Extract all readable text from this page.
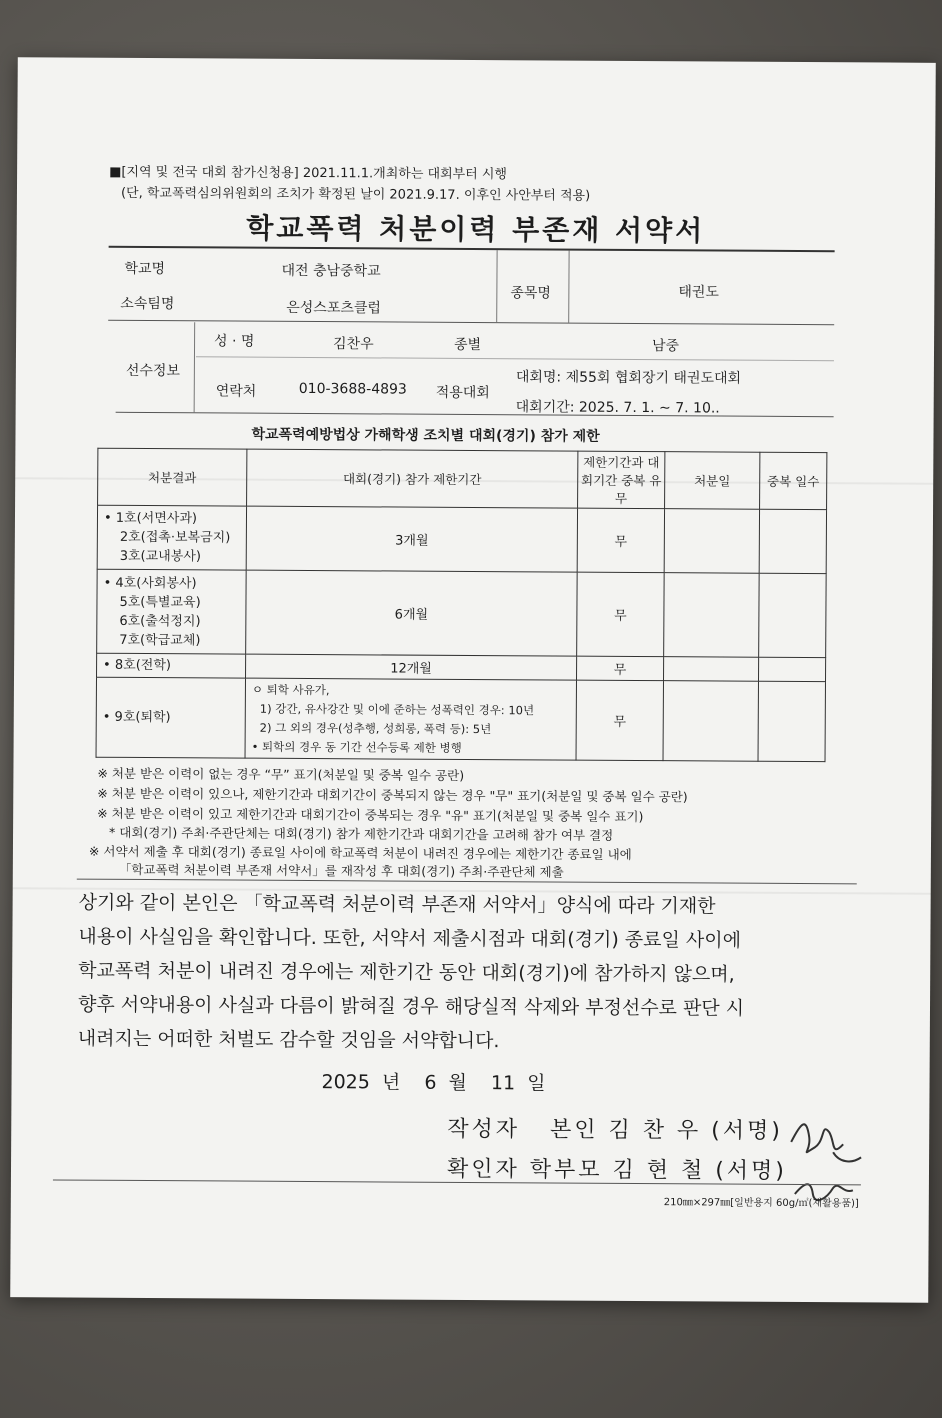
■[지역 및 전국 대회 참가신청용] 2021.11.1.개최하는 대회부터 시행
(단, 학교폭력심의위원회의 조치가 확정된 날이 2021.9.17. 이후인 사안부터 적용)
학교폭력 처분이력 부존재 서약서
학교명	대전 충남중학교
소속팀명	은성스포츠클럽
종목명	태권도
선수정보
성 · 명	김찬우	종별	남중
연락처	010-3688-4893 적용대회
대회명: 제55회 협회장기 태권도대회
대회기간: 2025. 7. 1. ~ 7. 10..
학교폭력예방법상 가해학생 조치별 대회(경기) 참가 제한
처분결과	대회(경기) 참가 제한기간	제한기간과 대회기간 중복 유무	처분일	중복 일수

• 1호(서면사과)
2호(접촉·보복금지)
3호(교내봉사)	3개월	무		

• 4호(사회봉사)
5호(특별교육)
6호(출석정지)
7호(학급교체)	6개월	무		

• 8호(전학)	12개월	무		

• 9호(퇴학)	ㅇ 퇴학 사유가,
1) 강간, 유사강간 및 이에 준하는 성폭력인 경우: 10년
2) 그 외의 경우(성추행, 성희롱, 폭력 등): 5년
• 퇴학의 경우 동 기간 선수등록 제한 병행	무		
※ 처분 받은 이력이 없는 경우 “무” 표기(처분일 및 중복 일수 공란)
※ 처분 받은 이력이 있으나, 제한기간과 대회기간이 중복되지 않는 경우 "무" 표기(처분일 및 중복 일수 공란)
※ 처분 받은 이력이 있고 제한기간과 대회기간이 중복되는 경우 "유" 표기(처분일 및 중복 일수 표기)
* 대회(경기) 주최·주관단체는 대회(경기) 참가 제한기간과 대회기간을 고려해 참가 여부 결정
※ 서약서 제출 후 대회(경기) 종료일 사이에 학교폭력 처분이 내려진 경우에는 제한기간 종료일 내에
「학교폭력 처분이력 부존재 서약서」를 재작성 후 대회(경기) 주최·주관단체 제출
상기와 같이 본인은 「학교폭력 처분이력 부존재 서약서」양식에 따라 기재한
내용이 사실임을 확인합니다. 또한, 서약서 제출시점과 대회(경기) 종료일 사이에
학교폭력 처분이 내려진 경우에는 제한기간 동안 대회(경기)에 참가하지 않으며,
향후 서약내용이 사실과 다름이 밝혀질 경우 해당실적 삭제와 부정선수로 판단 시
내려지는 어떠한 처벌도 감수할 것임을 서약합니다.
2025 년  6 월  11 일
작성자   본인 김 찬 우 (서명)
확인자 학부모 김 현 철 (서명)
210㎜×297㎜[일반용지 60g/㎡(재활용품)]
